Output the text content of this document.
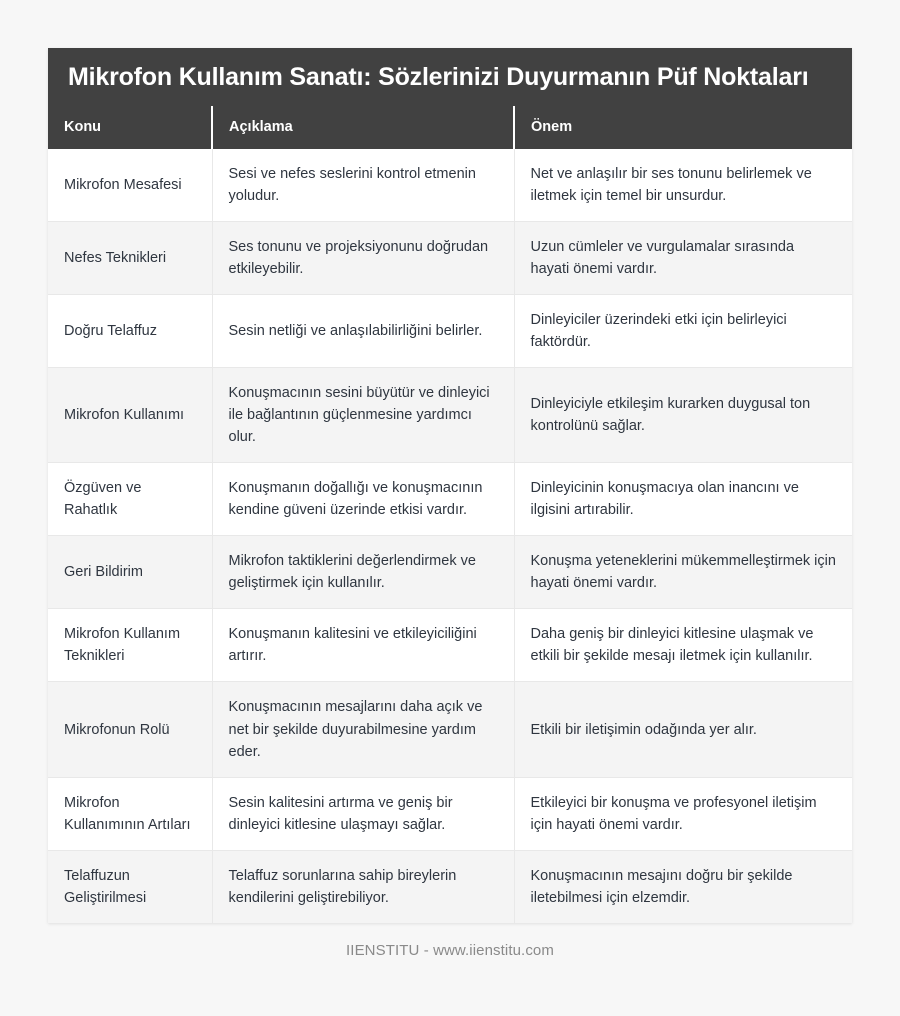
Mikrofon Kullanım Sanatı: Sözlerinizi Duyurmanın Püf Noktaları
Konu	Açıklama	Önem
Mikrofon Mesafesi	Sesi ve nefes seslerini kontrol etmenin yoludur.	Net ve anlaşılır bir ses tonunu belirlemek ve iletmek için temel bir unsurdur.
Nefes Teknikleri	Ses tonunu ve projeksiyonunu doğrudan etkileyebilir.	Uzun cümleler ve vurgulamalar sırasında hayati önemi vardır.
Doğru Telaffuz	Sesin netliği ve anlaşılabilirliğini belirler.	Dinleyiciler üzerindeki etki için belirleyici faktördür.
Mikrofon Kullanımı	Konuşmacının sesini büyütür ve dinleyici ile bağlantının güçlenmesine yardımcı olur.	Dinleyiciyle etkileşim kurarken duygusal ton kontrolünü sağlar.
Özgüven ve Rahatlık	Konuşmanın doğallığı ve konuşmacının kendine güveni üzerinde etkisi vardır.	Dinleyicinin konuşmacıya olan inancını ve ilgisini artırabilir.
Geri Bildirim	Mikrofon taktiklerini değerlendirmek ve geliştirmek için kullanılır.	Konuşma yeteneklerini mükemmelleştirmek için hayati önemi vardır.
Mikrofon Kullanım Teknikleri	Konuşmanın kalitesini ve etkileyiciliğini artırır.	Daha geniş bir dinleyici kitlesine ulaşmak ve etkili bir şekilde mesajı iletmek için kullanılır.
Mikrofonun Rolü	Konuşmacının mesajlarını daha açık ve net bir şekilde duyurabilmesine yardım eder.	Etkili bir iletişimin odağında yer alır.
Mikrofon Kullanımının Artıları	Sesin kalitesini artırma ve geniş bir dinleyici kitlesine ulaşmayı sağlar.	Etkileyici bir konuşma ve profesyonel iletişim için hayati önemi vardır.
Telaffuzun Geliştirilmesi	Telaffuz sorunlarına sahip bireylerin kendilerini geliştirebiliyor.	Konuşmacının mesajını doğru bir şekilde iletebilmesi için elzemdir.
IIENSTITU - www.iienstitu.com
